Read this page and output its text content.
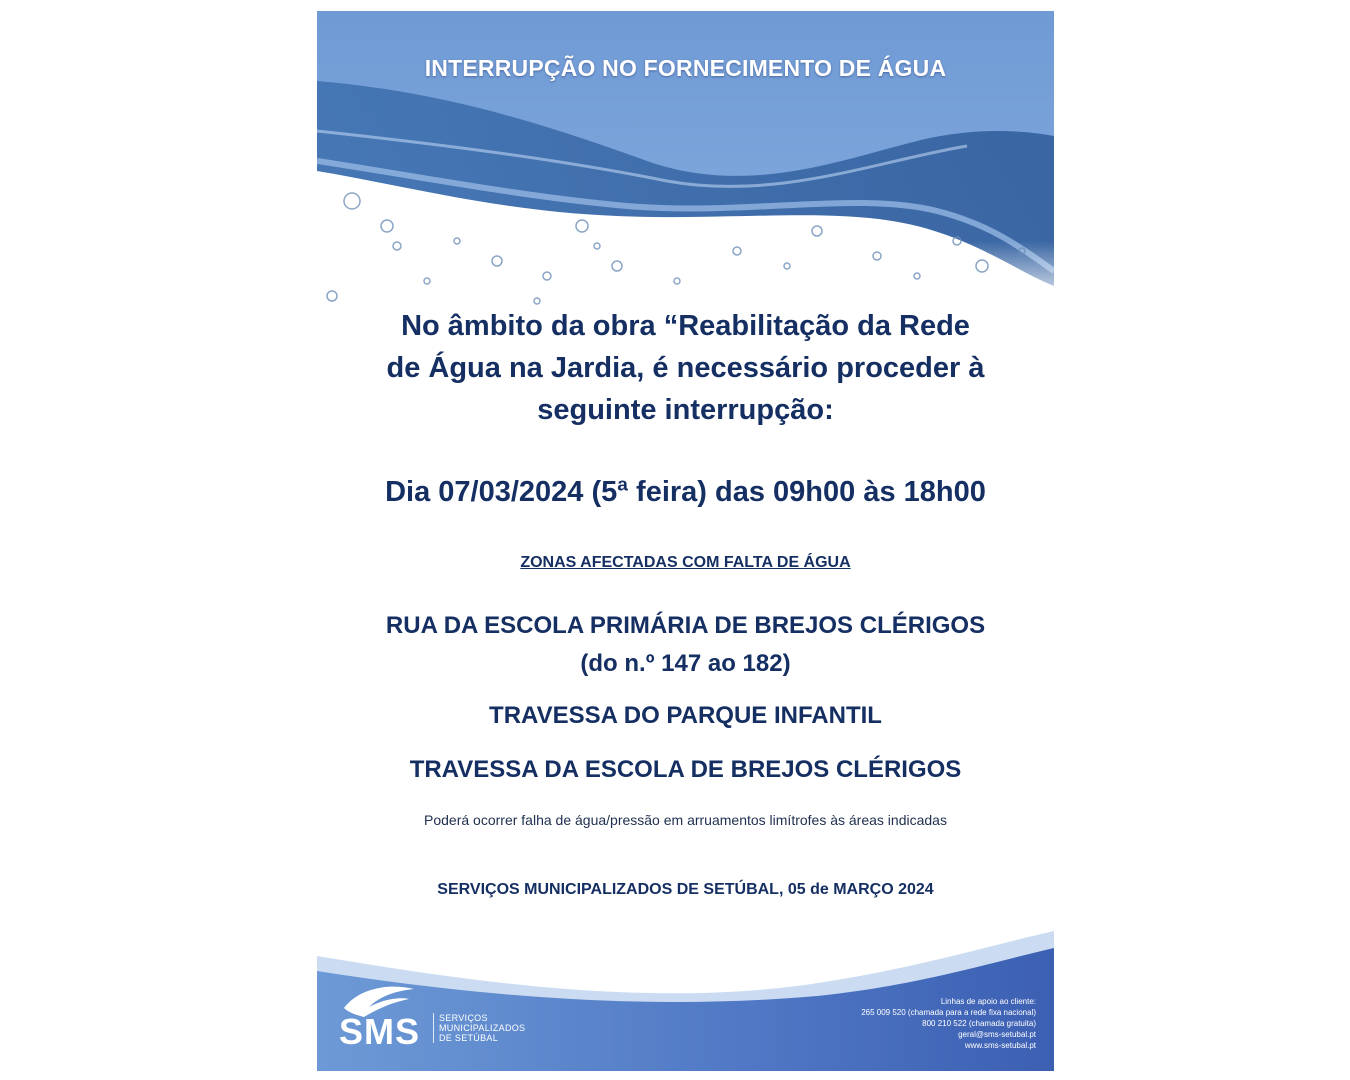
INTERRUPÇÃO NO FORNECIMENTO DE ÁGUA
No âmbito da obra “Reabilitação da Rede
de Água na Jardia, é necessário proceder à
seguinte interrupção:
Dia 07/03/2024 (5ª feira) das 09h00 às 18h00
ZONAS AFECTADAS COM FALTA DE ÁGUA
RUA DA ESCOLA PRIMÁRIA DE BREJOS CLÉRIGOS
(do n.º 147 ao 182)
TRAVESSA DO PARQUE INFANTIL
TRAVESSA DA ESCOLA DE BREJOS CLÉRIGOS
Poderá ocorrer falha de água/pressão em arruamentos limítrofes às áreas indicadas
SERVIÇOS MUNICIPALIZADOS DE SETÚBAL, 05 de MARÇO 2024
SMS SERVIÇOS
MUNICIPALIZADOS
DE SETÚBAL
Linhas de apoio ao cliente:
265 009 520 (chamada para a rede fixa nacional)
800 210 522 (chamada gratuita)
geral@sms-setubal.pt
www.sms-setubal.pt
